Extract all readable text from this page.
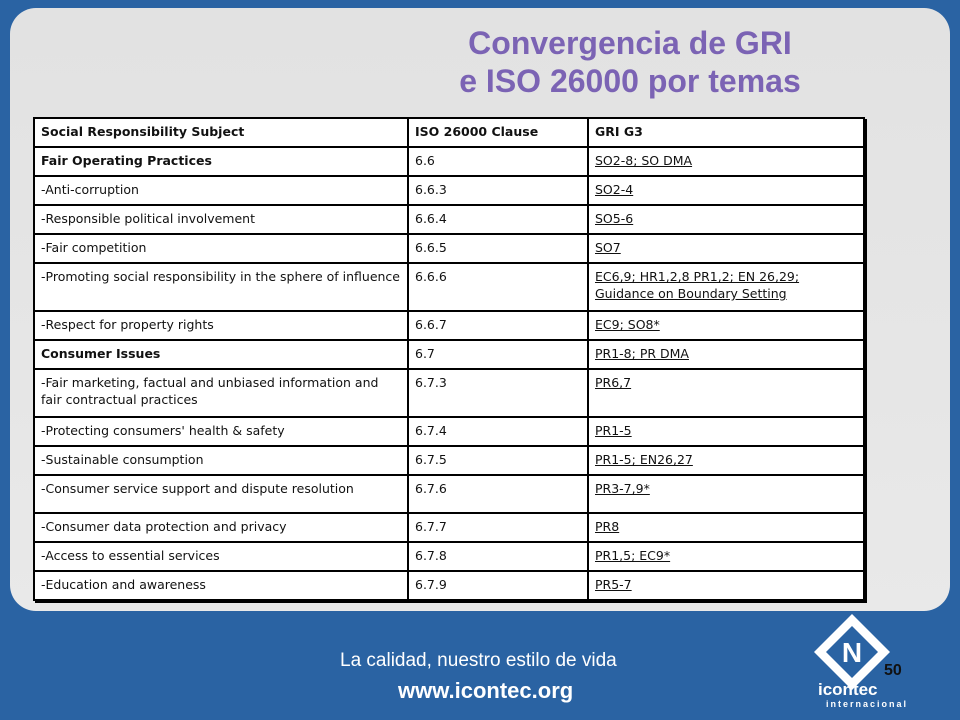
Convergencia de GRI
e ISO 26000 por temas
Social Responsibility Subject	ISO 26000 Clause	GRI G3
Fair Operating Practices	6.6	SO2-8; SO DMA
-Anti-corruption	6.6.3	SO2-4
-Responsible political involvement	6.6.4	SO5-6
-Fair competition	6.6.5	SO7
-Promoting social responsibility in the sphere of influence	6.6.6	EC6,9; HR1,2,8 PR1,2; EN 26,29; Guidance on Boundary Setting
-Respect for property rights	6.6.7	EC9; SO8*
Consumer Issues	6.7	PR1-8; PR DMA
-Fair marketing, factual and unbiased information and fair contractual practices	6.7.3	PR6,7
-Protecting consumers' health & safety	6.7.4	PR1-5
-Sustainable consumption	6.7.5	PR1-5; EN26,27
-Consumer service support and dispute resolution	6.7.6	PR3-7,9*
-Consumer data protection and privacy	6.7.7	PR8
-Access to essential services	6.7.8	PR1,5; EC9*
-Education and awareness	6.7.9	PR5-7
La calidad, nuestro estilo de vida
www.icontec.org
N
icontec
internacional
50
